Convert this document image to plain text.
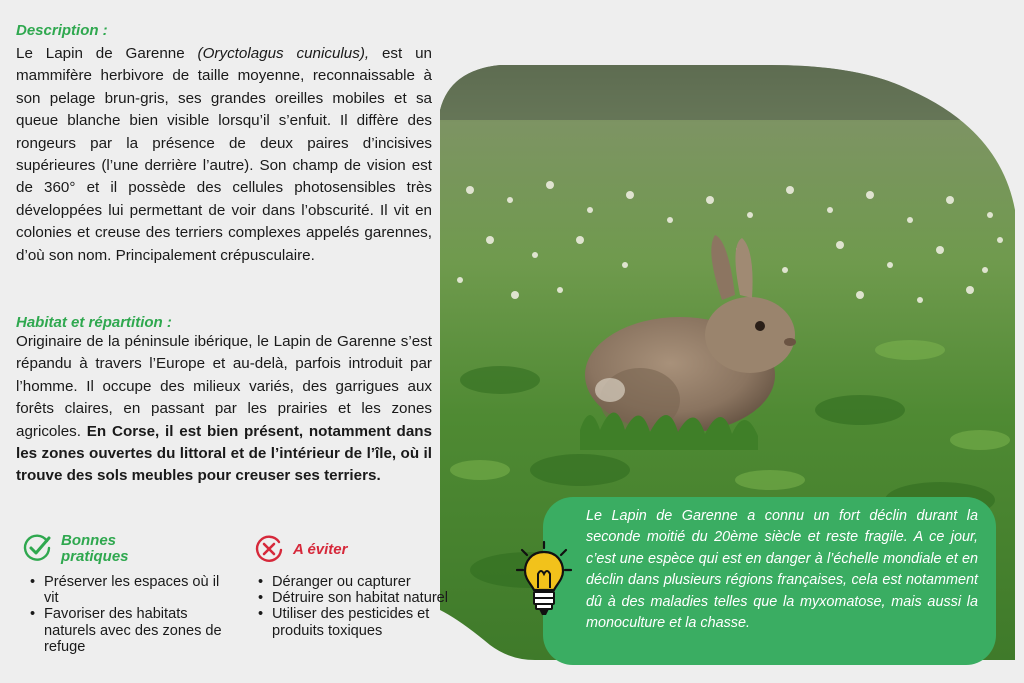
Description :

Le Lapin de Garenne (Oryctolagus cuniculus), est un mammifère herbivore de taille moyenne, reconnaissable à son pelage brun-gris, ses grandes oreilles mobiles et sa queue blanche bien visible lorsqu’il s’enfuit. Il diffère des rongeurs par la présence de deux paires d’incisives supérieures (l’une derrière l’autre). Son champ de vision est de 360° et il possède des cellules photosensibles très développées lui permettant de voir dans l’obscurité. Il vit en colonies et creuse des terriers complexes appelés garennes, d’où son nom. Principalement crépusculaire.

Habitat et répartition :

Originaire de la péninsule ibérique, le Lapin de Garenne s’est répandu à travers l’Europe et au-delà, parfois introduit par l’homme. Il occupe des milieux variés, des garrigues aux forêts claires, en passant par les prairies et les zones agricoles. En Corse, il est bien présent, notamment dans les zones ouvertes du littoral et de l’intérieur de l’île, où il trouve des sols meubles pour creuser ses terriers.

Le Lapin de Garenne a connu un fort déclin durant la seconde moitié du 20ème siècle et reste fragile. A ce jour, c’est une espèce qui est en danger à l’échelle mondiale et en déclin dans plusieurs régions françaises, cela est notamment dû à des maladies telles que la myxomatose, mais aussi la monoculture et la chasse.

Bonnes
pratiques
• Préserver les espaces où il vit
• Favoriser des habitats naturels avec des zones de refuge
A éviter
• Déranger ou capturer
• Détruire son habitat naturel
• Utiliser des pesticides et produits toxiques
